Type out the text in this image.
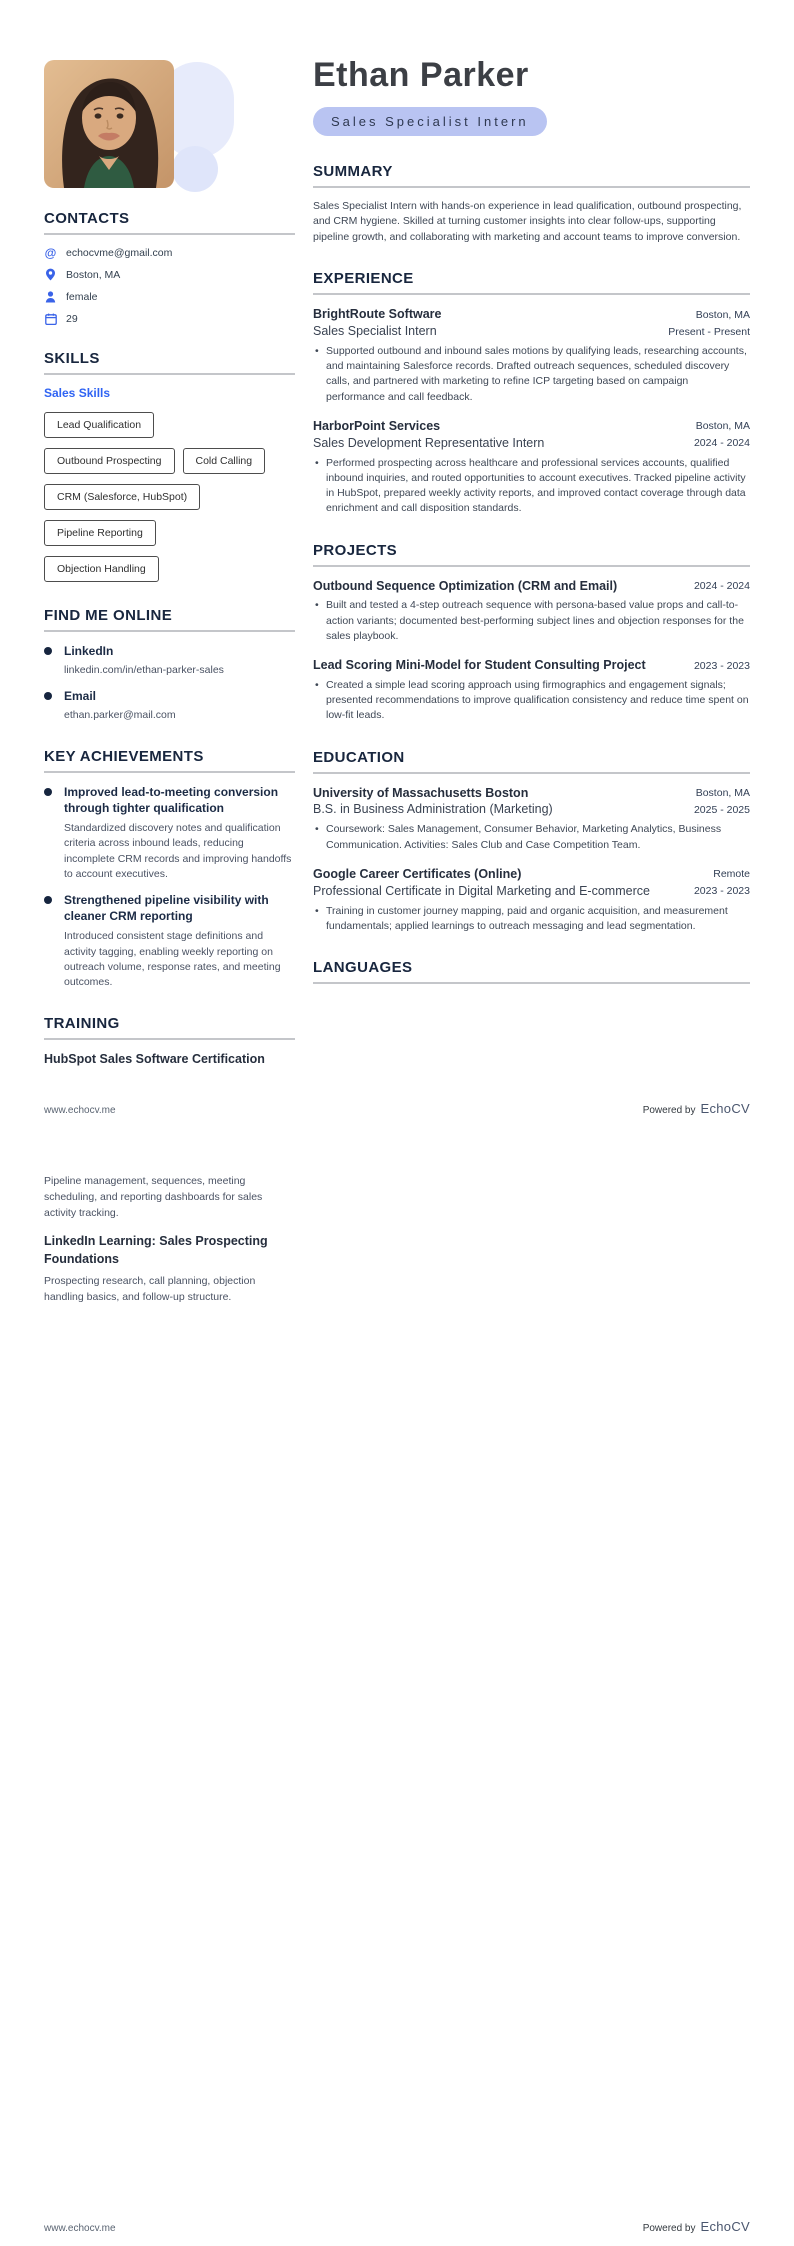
CONTACTS
@ echocvme@gmail.com
Boston, MA
female
29
SKILLS
Sales Skills
Lead Qualification
Outbound Prospecting	Cold Calling
CRM (Salesforce, HubSpot)
Pipeline Reporting
Objection Handling
FIND ME ONLINE
LinkedIn
linkedin.com/in/ethan-parker-sales
Email
ethan.parker@mail.com
KEY ACHIEVEMENTS
Improved lead-to-meeting conversion through tighter qualification
Standardized discovery notes and qualification criteria across inbound leads, reducing incomplete CRM records and improving handoffs to account executives.
Strengthened pipeline visibility with cleaner CRM reporting
Introduced consistent stage definitions and activity tagging, enabling weekly reporting on outreach volume, response rates, and meeting outcomes.
TRAINING
HubSpot Sales Software Certification
Ethan Parker
Sales Specialist Intern
SUMMARY

Sales Specialist Intern with hands-on experience in lead qualification, outbound prospecting, and CRM hygiene. Skilled at turning customer insights into clear follow-ups, supporting pipeline growth, and collaborating with marketing and account teams to improve conversion.

EXPERIENCE
BrightRoute Software	Boston, MA
Sales Specialist Intern	Present - Present
• Supported outbound and inbound sales motions by qualifying leads, researching accounts, and maintaining Salesforce records. Drafted outreach sequences, scheduled discovery calls, and partnered with marketing to refine ICP targeting based on campaign performance and call feedback.
HarborPoint Services	Boston, MA
Sales Development Representative Intern	2024 - 2024
• Performed prospecting across healthcare and professional services accounts, qualified inbound inquiries, and routed opportunities to account executives. Tracked pipeline activity in HubSpot, prepared weekly activity reports, and improved contact coverage through data enrichment and call disposition standards.
PROJECTS
Outbound Sequence Optimization (CRM and Email)	2024 - 2024
• Built and tested a 4-step outreach sequence with persona-based value props and call-to-action variants; documented best-performing subject lines and objection responses for the sales playbook.
Lead Scoring Mini-Model for Student Consulting Project	2023 - 2023
• Created a simple lead scoring approach using firmographics and engagement signals; presented recommendations to improve qualification consistency and reduce time spent on low-fit leads.
EDUCATION
University of Massachusetts Boston	Boston, MA
B.S. in Business Administration (Marketing)	2025 - 2025
• Coursework: Sales Management, Consumer Behavior, Marketing Analytics, Business Communication. Activities: Sales Club and Case Competition Team.
Google Career Certificates (Online)	Remote
Professional Certificate in Digital Marketing and E-commerce	2023 - 2023
• Training in customer journey mapping, paid and organic acquisition, and measurement fundamentals; applied learnings to outreach messaging and lead segmentation.
LANGUAGES
www.echocv.me	Powered by EchoCV

Pipeline management, sequences, meeting scheduling, and reporting dashboards for sales activity tracking.

LinkedIn Learning: Sales Prospecting Foundations

Prospecting research, call planning, objection handling basics, and follow-up structure.

www.echocv.me	Powered by EchoCV
